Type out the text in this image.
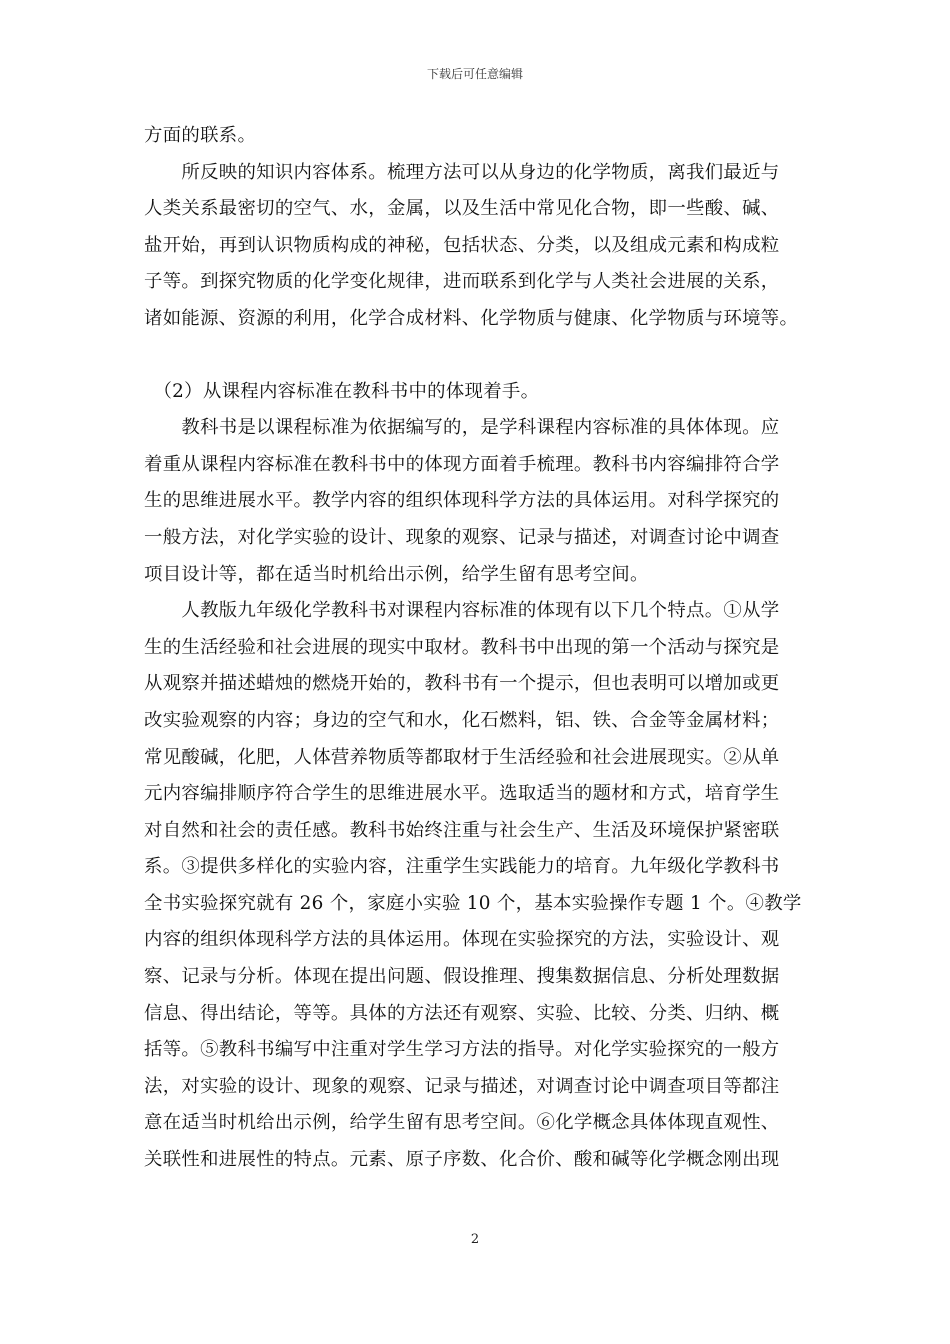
下载后可任意编辑

方面的联系。

　　所反映的知识内容体系。梳理方法可以从身边的化学物质，离我们最近与

人类关系最密切的空气、水，金属，以及生活中常见化合物，即一些酸、碱、

盐开始，再到认识物质构成的神秘，包括状态、分类，以及组成元素和构成粒

子等。到探究物质的化学变化规律，进而联系到化学与人类社会进展的关系，

诸如能源、资源的利用，化学合成材料、化学物质与健康、化学物质与环境等。

　（2）从课程内容标准在教科书中的体现着手。

　　教科书是以课程标准为依据编写的，是学科课程内容标准的具体体现。应

着重从课程内容标准在教科书中的体现方面着手梳理。教科书内容编排符合学

生的思维进展水平。教学内容的组织体现科学方法的具体运用。对科学探究的

一般方法，对化学实验的设计、现象的观察、记录与描述，对调查讨论中调查

项目设计等，都在适当时机给出示例，给学生留有思考空间。

　　人教版九年级化学教科书对课程内容标准的体现有以下几个特点。①从学

生的生活经验和社会进展的现实中取材。教科书中出现的第一个活动与探究是

从观察并描述蜡烛的燃烧开始的，教科书有一个提示，但也表明可以增加或更

改实验观察的内容；身边的空气和水，化石燃料，铝、铁、合金等金属材料；

常见酸碱，化肥，人体营养物质等都取材于生活经验和社会进展现实。②从单

元内容编排顺序符合学生的思维进展水平。选取适当的题材和方式，培育学生

对自然和社会的责任感。教科书始终注重与社会生产、生活及环境保护紧密联

系。③提供多样化的实验内容，注重学生实践能力的培育。九年级化学教科书

全书实验探究就有 26 个，家庭小实验 10 个，基本实验操作专题 1 个。④教学

内容的组织体现科学方法的具体运用。体现在实验探究的方法，实验设计、观

察、记录与分析。体现在提出问题、假设推理、搜集数据信息、分析处理数据

信息、得出结论，等等。具体的方法还有观察、实验、比较、分类、归纳、概

括等。⑤教科书编写中注重对学生学习方法的指导。对化学实验探究的一般方

法，对实验的设计、现象的观察、记录与描述，对调查讨论中调查项目等都注

意在适当时机给出示例，给学生留有思考空间。⑥化学概念具体体现直观性、

关联性和进展性的特点。元素、原子序数、化合价、酸和碱等化学概念刚出现

2
